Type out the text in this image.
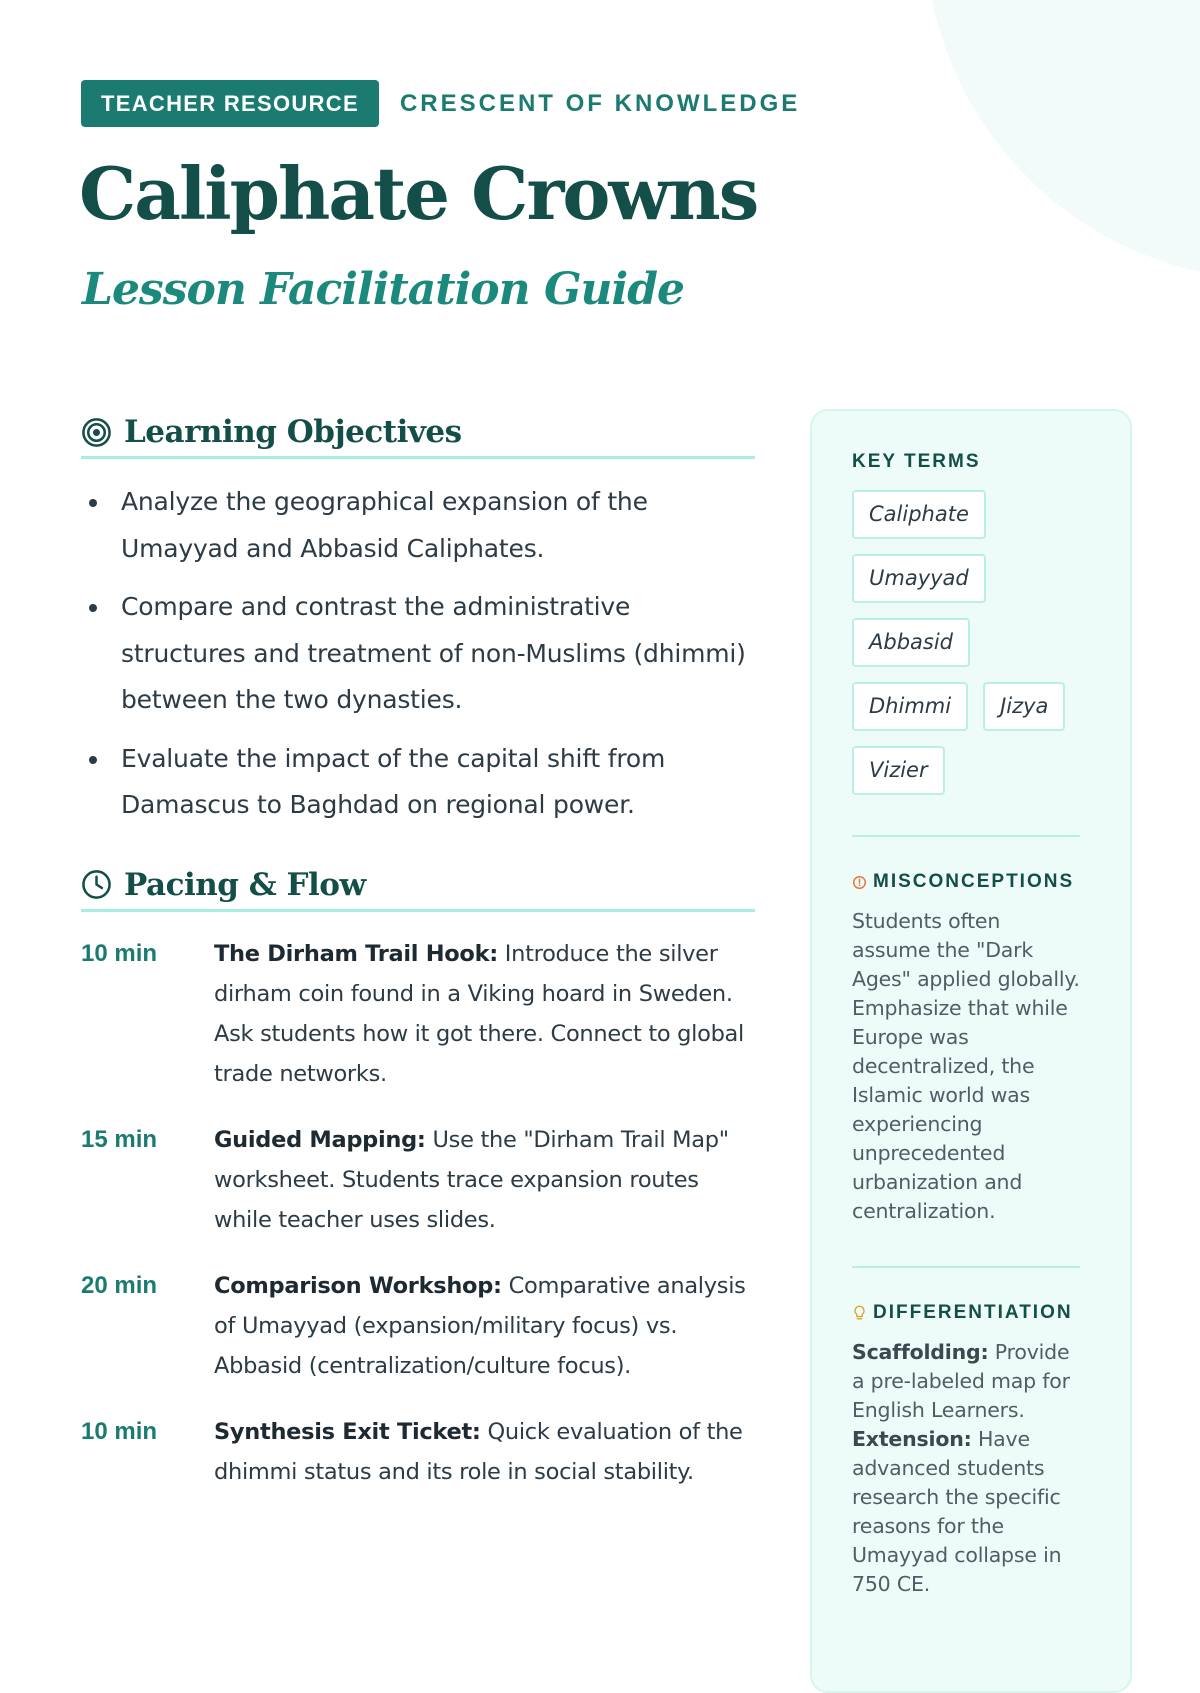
TEACHER RESOURCE	CRESCENT OF KNOWLEDGE
Caliphate Crowns
Lesson Facilitation Guide
Learning Objectives
Analyze the geographical expansion of the Umayyad and Abbasid Caliphates.
Compare and contrast the administrative structures and treatment of non-Muslims (dhimmi) between the two dynasties.
Evaluate the impact of the capital shift from Damascus to Baghdad on regional power.
Pacing & Flow
10 min	The Dirham Trail Hook: Introduce the silver dirham coin found in a Viking hoard in Sweden. Ask students how it got there. Connect to global trade networks.
15 min	Guided Mapping: Use the "Dirham Trail Map" worksheet. Students trace expansion routes while teacher uses slides.
20 min	Comparison Workshop: Comparative analysis of Umayyad (expansion/military focus) vs. Abbasid (centralization/culture focus).
10 min	Synthesis Exit Ticket: Quick evaluation of the dhimmi status and its role in social stability.
KEY TERMS
Caliphate
Umayyad
Abbasid
Dhimmi	Jizya
Vizier
MISCONCEPTIONS
Students often assume the "Dark Ages" applied globally. Emphasize that while Europe was decentralized, the Islamic world was experiencing unprecedented urbanization and centralization.
DIFFERENTIATION
Scaffolding: Provide a pre-labeled map for English Learners.
Extension: Have advanced students research the specific reasons for the Umayyad collapse in 750 CE.
